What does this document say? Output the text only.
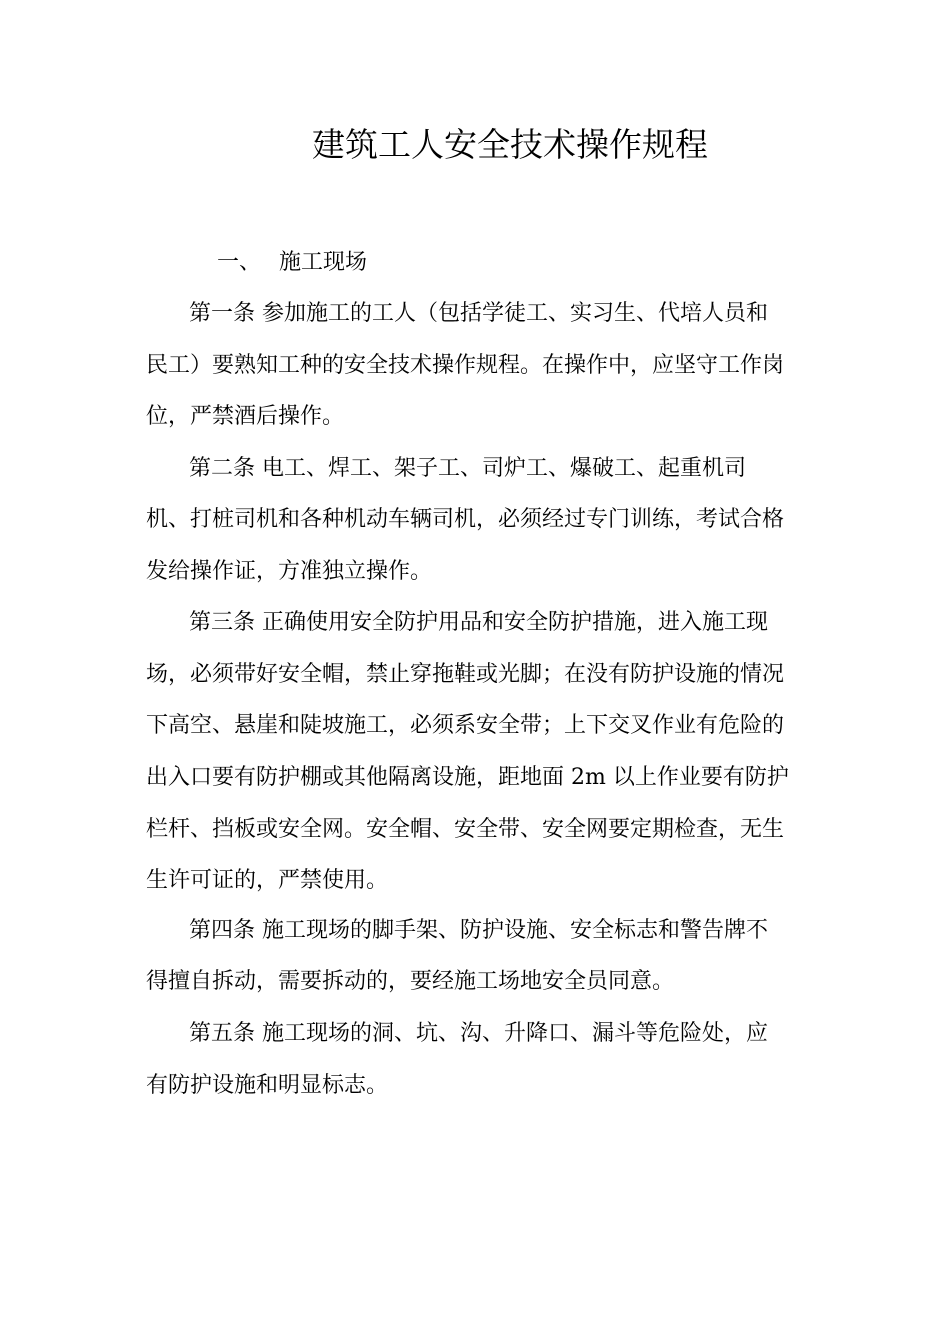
建筑工人安全技术操作规程
一、 施工现场
第一条 参加施工的工人（包括学徒工、实习生、代培人员和
民工）要熟知工种的安全技术操作规程。在操作中，应坚守工作岗
位，严禁酒后操作。
第二条 电工、焊工、架子工、司炉工、爆破工、起重机司
机、打桩司机和各种机动车辆司机，必须经过专门训练，考试合格
发给操作证，方准独立操作。
第三条 正确使用安全防护用品和安全防护措施，进入施工现
场，必须带好安全帽，禁止穿拖鞋或光脚；在没有防护设施的情况
下高空、悬崖和陡坡施工，必须系安全带；上下交叉作业有危险的
出入口要有防护棚或其他隔离设施，距地面 2m 以上作业要有防护
栏杆、挡板或安全网。安全帽、安全带、安全网要定期检查，无生
生许可证的，严禁使用。
第四条 施工现场的脚手架、防护设施、安全标志和警告牌不
得擅自拆动，需要拆动的，要经施工场地安全员同意。
第五条 施工现场的洞、坑、沟、升降口、漏斗等危险处，应
有防护设施和明显标志。
